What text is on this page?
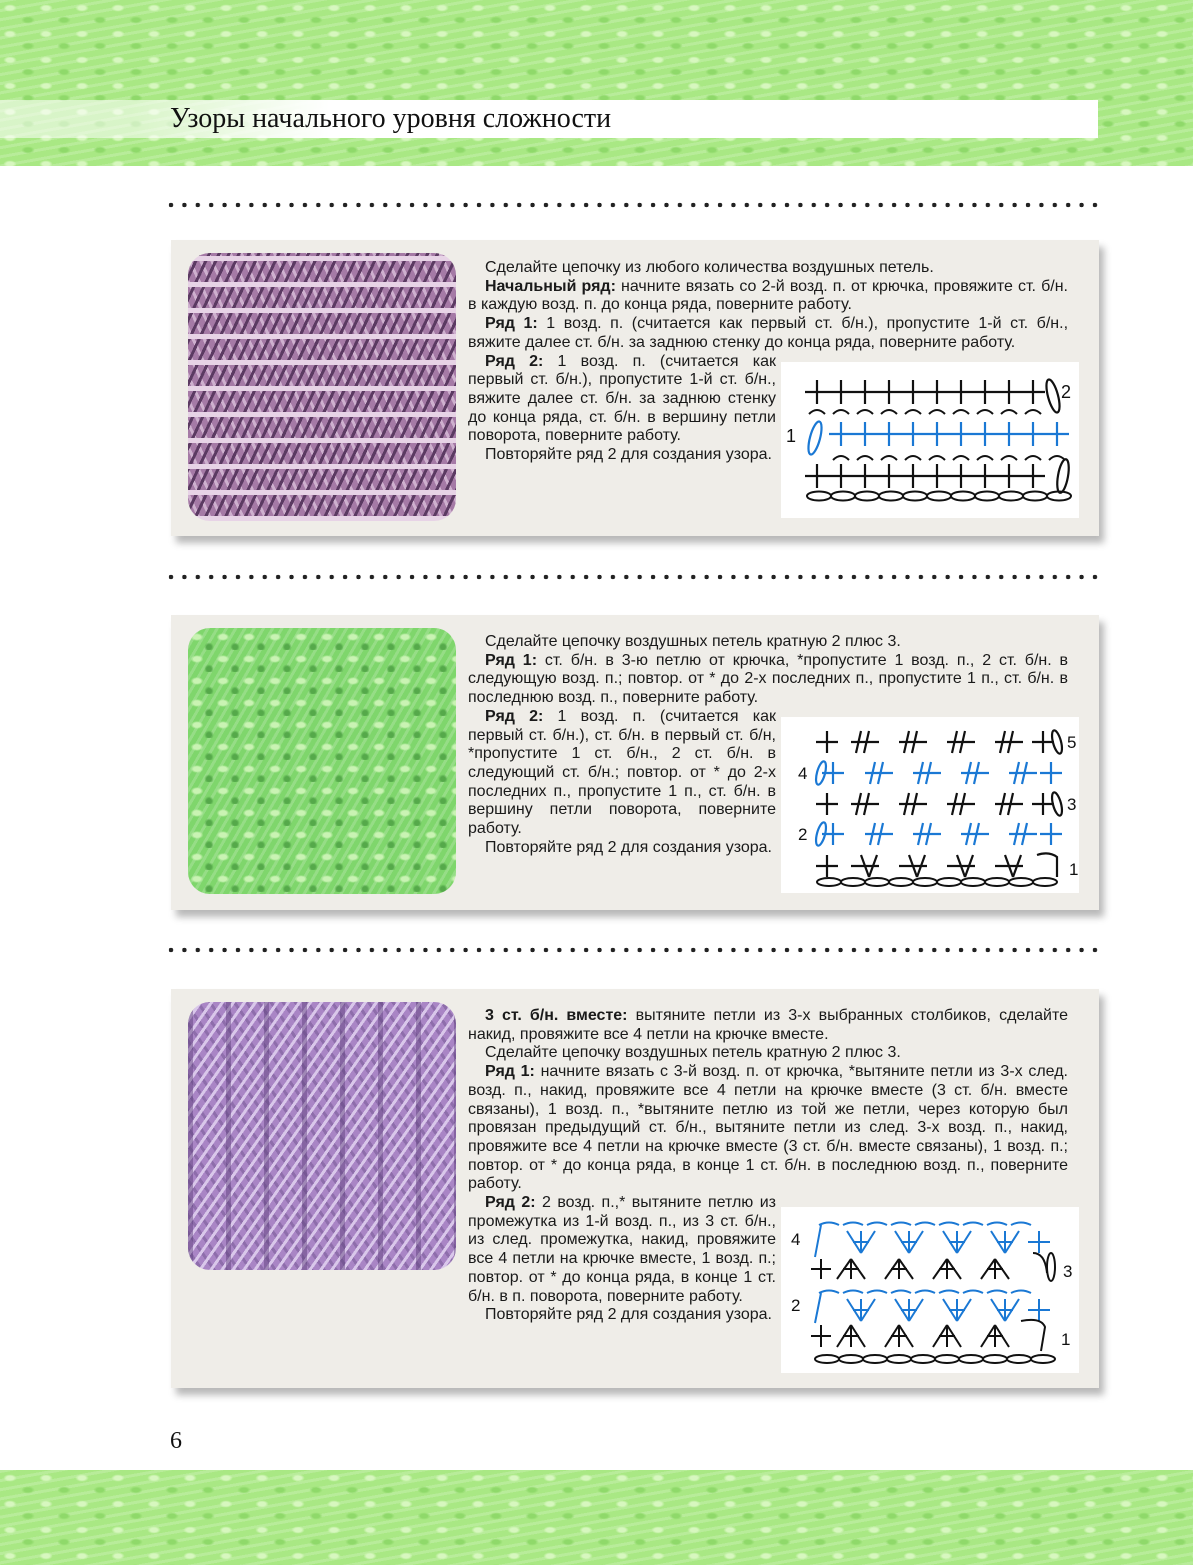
Узоры начального уровня сложности

Сделайте цепочку из любого количества воздушных петель.

Начальный ряд: начните вязать со 2-й возд. п. от крючка, провяжите ст. б/н. в каждую возд. п. до конца ряда, поверните работу.

Ряд 1: 1 возд. п. (считается как первый ст. б/н.), пропустите 1-й ст. б/н., вяжите далее ст. б/н. за заднюю стенку до конца ряда, поверните работу.

Ряд 2: 1 возд. п. (считается как первый ст. б/н.), пропустите 1-й ст. б/н., вяжите далее ст. б/н. за заднюю стенку до конца ряда, ст. б/н. в вершину петли поворота, поверните работу.

Повторяйте ряд 2 для создания узора.

2
1

Сделайте цепочку воздушных петель кратную 2 плюс 3.

Ряд 1: ст. б/н. в 3-ю петлю от крючка, *пропустите 1 возд. п., 2 ст. б/н. в следующую возд. п.; повтор. от * до 2-х последних п., пропустите 1 п., ст. б/н. в последнюю возд. п., поверните работу.

Ряд 2: 1 возд. п. (считается как первый ст. б/н.), ст. б/н. в первый ст. б/н, *пропустите 1 ст. б/н., 2 ст. б/н. в следующий ст. б/н.; повтор. от * до 2-х последних п., пропустите 1 п., ст. б/н. в вершину петли поворота, поверните работу.

Повторяйте ряд 2 для создания узора.

5
4
3
2
1

3 ст. б/н. вместе: вытяните петли из 3-х выбранных столбиков, сделайте накид, провяжите все 4 петли на крючке вместе.

Сделайте цепочку воздушных петель кратную 2 плюс 3.

Ряд 1: начните вязать с 3-й возд. п. от крючка, *вытяните петли из 3-х след. возд. п., накид, провяжите все 4 петли на крючке вместе (3 ст. б/н. вместе связаны), 1 возд. п., *вытяните петлю из той же петли, через которую был провязан предыдущий ст. б/н., вытяните петли из след. 3-х возд. п., накид, провяжите все 4 петли на крючке вместе (3 ст. б/н. вместе связаны), 1 возд. п.; повтор. от * до конца ряда, в конце 1 ст. б/н. в последнюю возд. п., поверните работу.

Ряд 2: 2 возд. п.,* вытяните петлю из промежутка из 1-й возд. п., из 3 ст. б/н., из след. промежутка, накид, провяжите все 4 петли на крючке вместе, 1 возд. п.; повтор. от * до конца ряда, в конце 1 ст. б/н. в п. поворота, поверните работу.

Повторяйте ряд 2 для создания узора.

4
3
2
1

6
